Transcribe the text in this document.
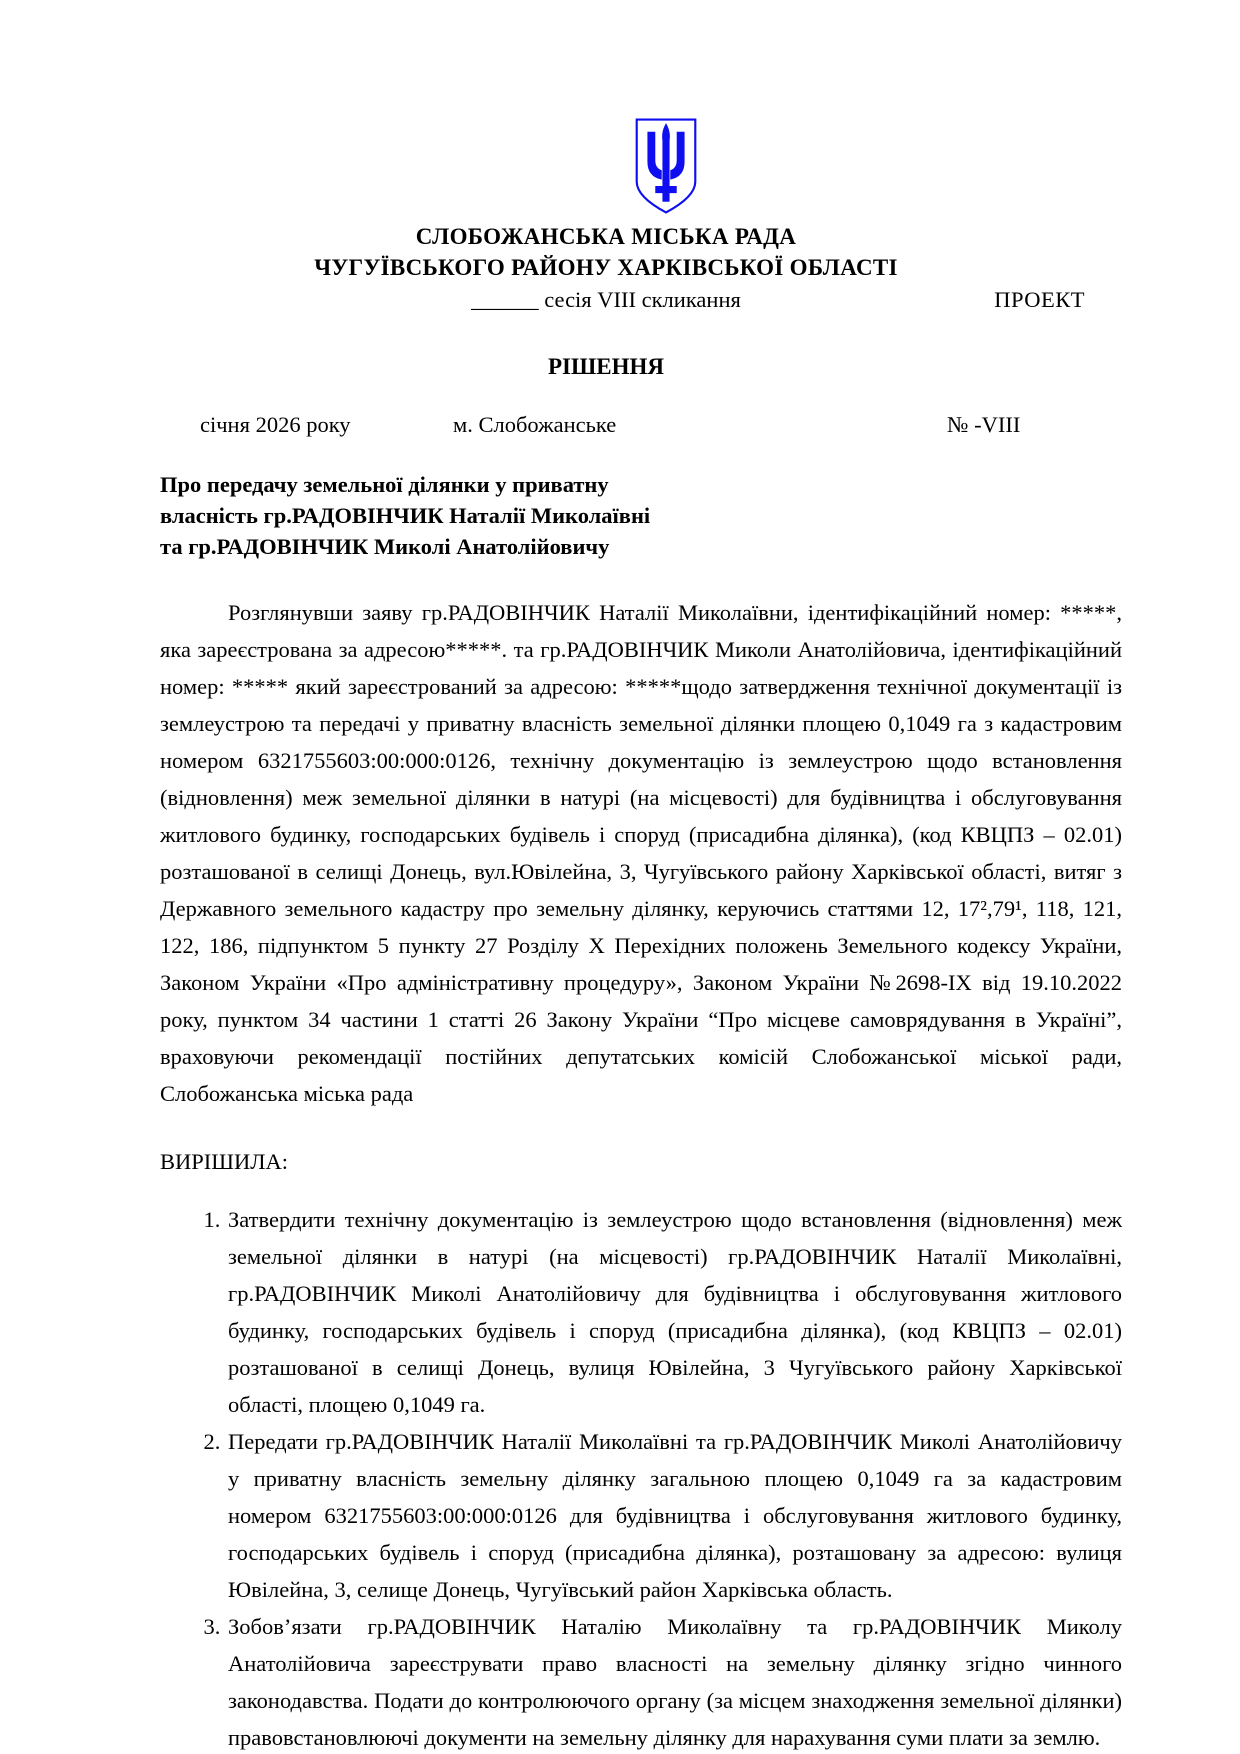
СЛОБОЖАНСЬКА МІСЬКА РАДА
ЧУГУЇВСЬКОГО РАЙОНУ ХАРКІВСЬКОЇ ОБЛАСТІ
______ сесія VIII скликання	ПРОЕКТ
РІШЕННЯ
січня 2026 року	м. Слобожанське	№ -VIII
Про передачу земельної ділянки у приватну
власність гр.РАДОВІНЧИК Наталії Миколаївні
та гр.РАДОВІНЧИК Миколі Анатолійовичу
Розглянувши заяву гр.РАДОВІНЧИК Наталії Миколаївни, ідентифікаційний номер: *****, яка зареєстрована за адресою*****. та гр.РАДОВІНЧИК Миколи Анатолійовича, ідентифікаційний номер: ***** який зареєстрований за адресою: *****щодо затвердження технічної документації із землеустрою та передачі у приватну власність земельної ділянки площею 0,1049 га з кадастровим номером 6321755603:00:000:0126, технічну документацію із землеустрою щодо встановлення (відновлення) меж земельної ділянки в натурі (на місцевості) для будівництва і обслуговування житлового будинку, господарських будівель і споруд (присадибна ділянка), (код КВЦПЗ – 02.01) розташованої в селищі Донець, вул.Ювілейна, 3, Чугуївського району Харківської області, витяг з Державного земельного кадастру про земельну ділянку, керуючись статтями 12, 17²,79¹, 118, 121, 122, 186, підпунктом 5 пункту 27 Розділу X Перехідних положень Земельного кодексу України, Законом України «Про адміністративну процедуру», Законом України №2698-ІХ від 19.10.2022 року, пунктом 34 частини 1 статті 26 Закону України “Про місцеве самоврядування в Україні”, враховуючи рекомендації постійних депутатських комісій Слобожанської міської ради, Слобожанська міська рада
ВИРІШИЛА:
1. Затвердити технічну документацію із землеустрою щодо встановлення (відновлення) меж земельної ділянки в натурі (на місцевості) гр.РАДОВІНЧИК Наталії Миколаївні, гр.РАДОВІНЧИК Миколі Анатолійовичу для будівництва і обслуговування житлового будинку, господарських будівель і споруд (присадибна ділянка), (код КВЦПЗ – 02.01) розташованої в селищі Донець, вулиця Ювілейна, 3 Чугуївського району Харківської області, площею 0,1049 га.
2. Передати гр.РАДОВІНЧИК Наталії Миколаївні та гр.РАДОВІНЧИК Миколі Анатолійовичу у приватну власність земельну ділянку загальною площею 0,1049 га за кадастровим номером 6321755603:00:000:0126 для будівництва і обслуговування житлового будинку, господарських будівель і споруд (присадибна ділянка), розташовану за адресою: вулиця Ювілейна, 3, селище Донець, Чугуївський район Харківська область.
3. Зобов’язати гр.РАДОВІНЧИК Наталію Миколаївну та гр.РАДОВІНЧИК Миколу Анатолійовича зареєструвати право власності на земельну ділянку згідно чинного законодавства. Подати до контролюючого органу (за місцем знаходження земельної ділянки) правовстановлюючі документи на земельну ділянку для нарахування суми плати за землю.
